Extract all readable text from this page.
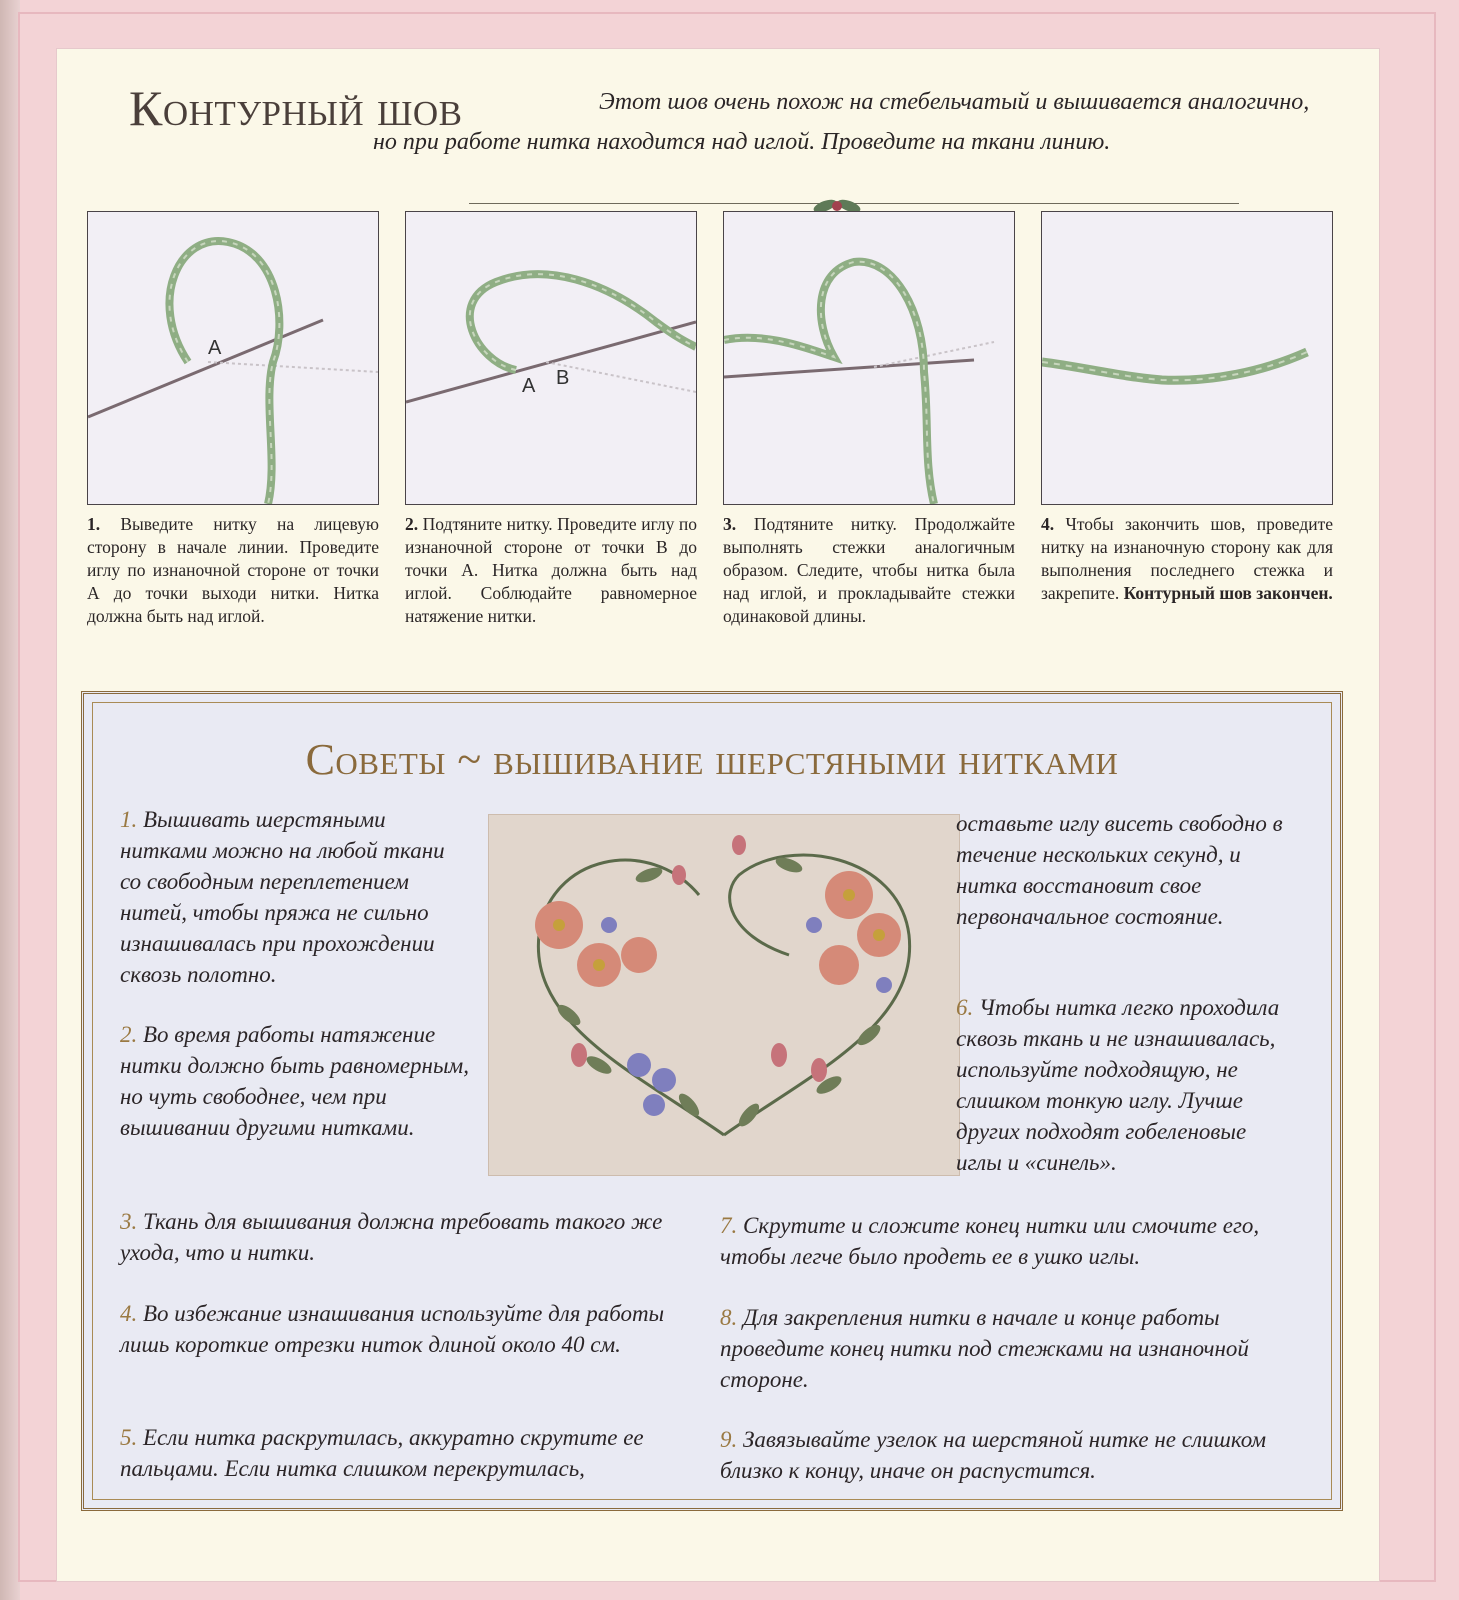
Контурный шов	Этот шов очень похож на стебельчатый и вышивается аналогично,
но при работе нитка находится над иглой. Проведите на ткани линию.
A
1. Выведите нитку на лицевую сторону в начале линии. Проведите иглу по изнаночной стороне от точки А до точки выходи нитки. Нитка должна быть над иглой.
A B
2. Подтяните нитку. Проведите иглу по изнаночной стороне от точки В до точки А. Нитка должна быть над иглой. Соблюдайте равномерное натяжение нитки.
3. Подтяните нитку. Продолжайте выполнять стежки аналогичным образом. Следите, чтобы нитка была над иглой, и прокладывайте стежки одинаковой длины.
4. Чтобы закончить шов, проведите нитку на изнаночную сторону как для выполнения последнего стежка и закрепите. Контурный шов закончен.
Советы ~ вышивание шерстяными нитками
1. Вышивать шерстяными нитками можно на любой ткани со свободным переплетением нитей, чтобы пряжа не сильно изнашивалась при прохождении сквозь полотно.
2. Во время работы натяжение нитки должно быть равномерным, но чуть свободнее, чем при вышивании другими нитками.
3. Ткань для вышивания должна требовать такого же ухода, что и нитки.
4. Во избежание изнашивания используйте для работы лишь короткие отрезки ниток длиной около 40 см.
5. Если нитка раскрутилась, аккуратно скрутите ее пальцами. Если нитка слишком перекрутилась,
оставьте иглу висеть свободно в течение нескольких секунд, и нитка восстановит свое первоначальное состояние.
6. Чтобы нитка легко проходила сквозь ткань и не изнашивалась, используйте подходящую, не слишком тонкую иглу. Лучше других подходят гобеленовые иглы и «синель».
7. Скрутите и сложите конец нитки или смочите его, чтобы легче было продеть ее в ушко иглы.
8. Для закрепления нитки в начале и конце работы проведите конец нитки под стежками на изнаночной стороне.
9. Завязывайте узелок на шерстяной нитке не слишком близко к концу, иначе он распустится.
